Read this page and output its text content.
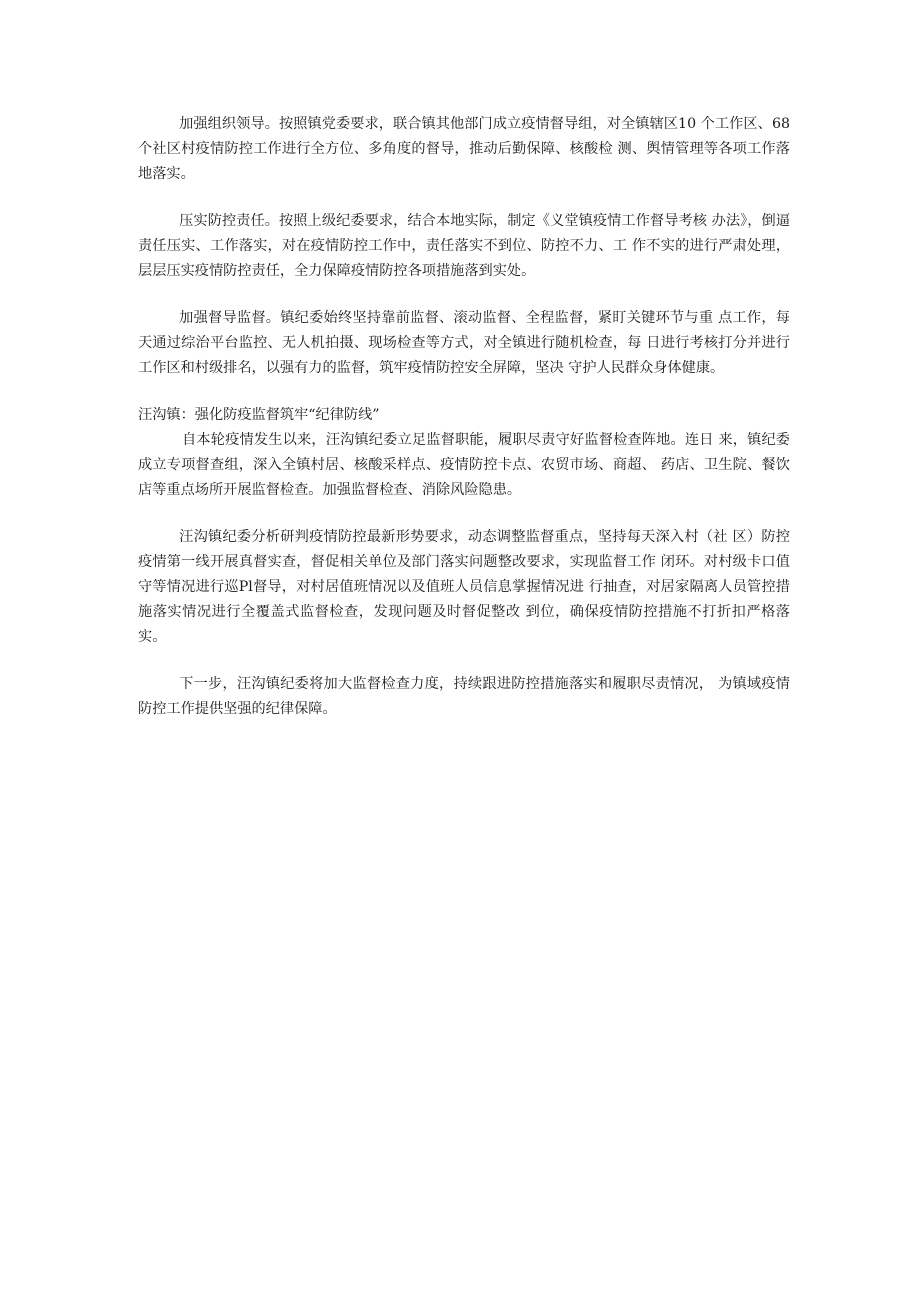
加强组织领导。按照镇党委要求，联合镇其他部门成立疫情督导组，对全镇辖区10 个工作区、68个社区村疫情防控工作进行全方位、多角度的督导，推动后勤保障、核酸检 测、舆情管理等各项工作落地落实。

压实防控责任。按照上级纪委要求，结合本地实际，制定《义堂镇疫情工作督导考核 办法》，倒逼责任压实、工作落实，对在疫情防控工作中，责任落实不到位、防控不力、工 作不实的进行严肃处理，层层压实疫情防控责任，全力保障疫情防控各项措施落到实处。

加强督导监督。镇纪委始终坚持靠前监督、滚动监督、全程监督，紧盯关键环节与重 点工作，每天通过综治平台监控、无人机拍摄、现场检查等方式，对全镇进行随机检查，每 日进行考核打分并进行工作区和村级排名，以强有力的监督，筑牢疫情防控安全屏障，坚决 守护人民群众身体健康。

汪沟镇：强化防疫监督筑牢“纪律防线”

自本轮疫情发生以来，汪沟镇纪委立足监督职能，履职尽责守好监督检查阵地。连日 来，镇纪委成立专项督查组，深入全镇村居、核酸采样点、疫情防控卡点、农贸市场、商超、 药店、卫生院、餐饮店等重点场所开展监督检查。加强监督检查、消除风险隐患。

汪沟镇纪委分析研判疫情防控最新形势要求，动态调整监督重点，坚持每天深入村（社 区）防控疫情第一线开展真督实查，督促相关单位及部门落实问题整改要求，实现监督工作 闭环。对村级卡口值守等情况进行巡Pl督导，对村居值班情况以及值班人员信息掌握情况进 行抽查，对居家隔离人员管控措施落实情况进行全覆盖式监督检查，发现问题及时督促整改 到位，确保疫情防控措施不打折扣严格落实。

下一步，汪沟镇纪委将加大监督检查力度，持续跟进防控措施落实和履职尽责情况， 为镇域疫情防控工作提供坚强的纪律保障。
